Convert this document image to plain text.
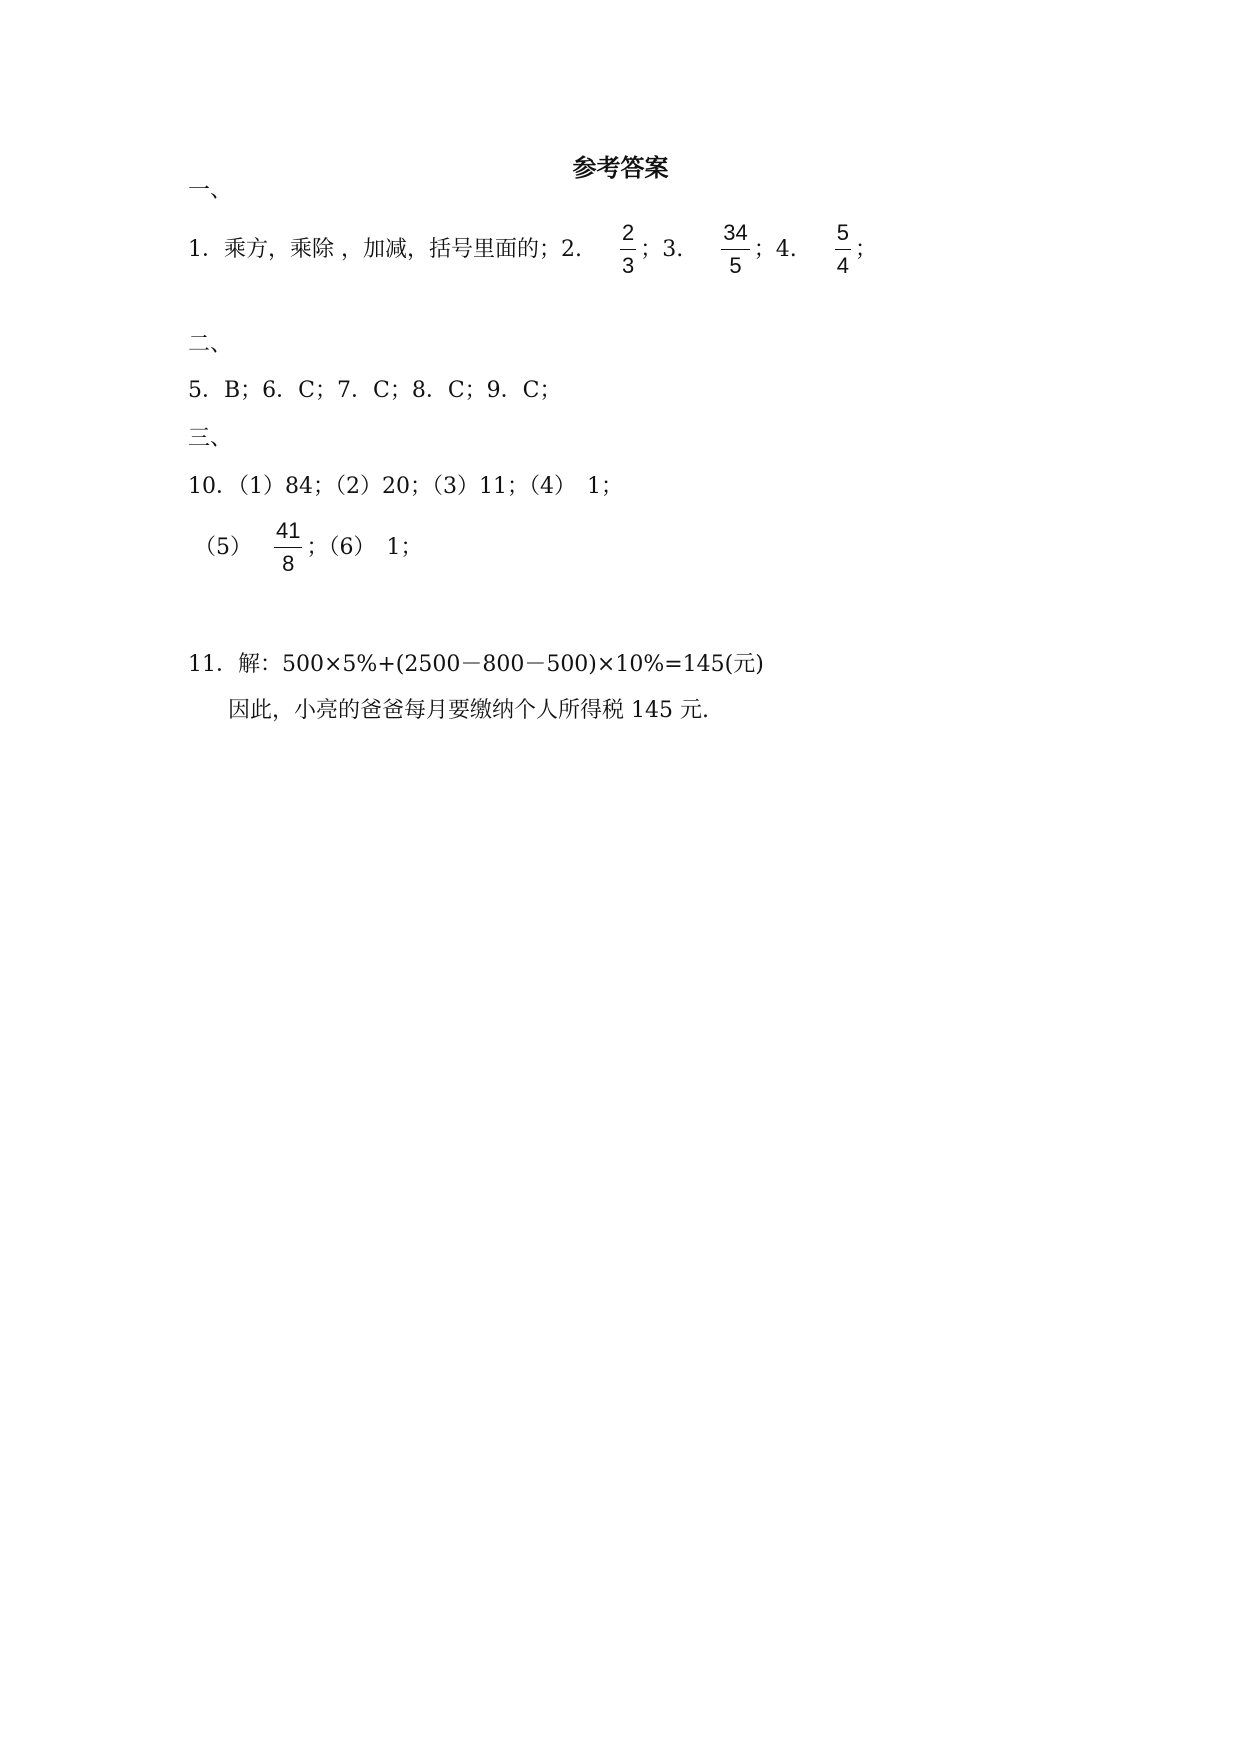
参考答案
一、
1．乘方，乘除 ，加减，括号里面的；2. $\frac{2}{3}$ ；3. $\frac{34}{5}$ ；4. $\frac{5}{4}$ ；
二、
5．B；6．C；7．C；8．C；9．C；
三、
10．（1）84；（2）20；（3）11；（4）　1；
$(5) \frac{41}{8}$ ；（6）　1；
11．解：500×5%+(2500－800－500)×10%=145(元)
因此，小亮的爸爸每月要缴纳个人所得税 145 元.
